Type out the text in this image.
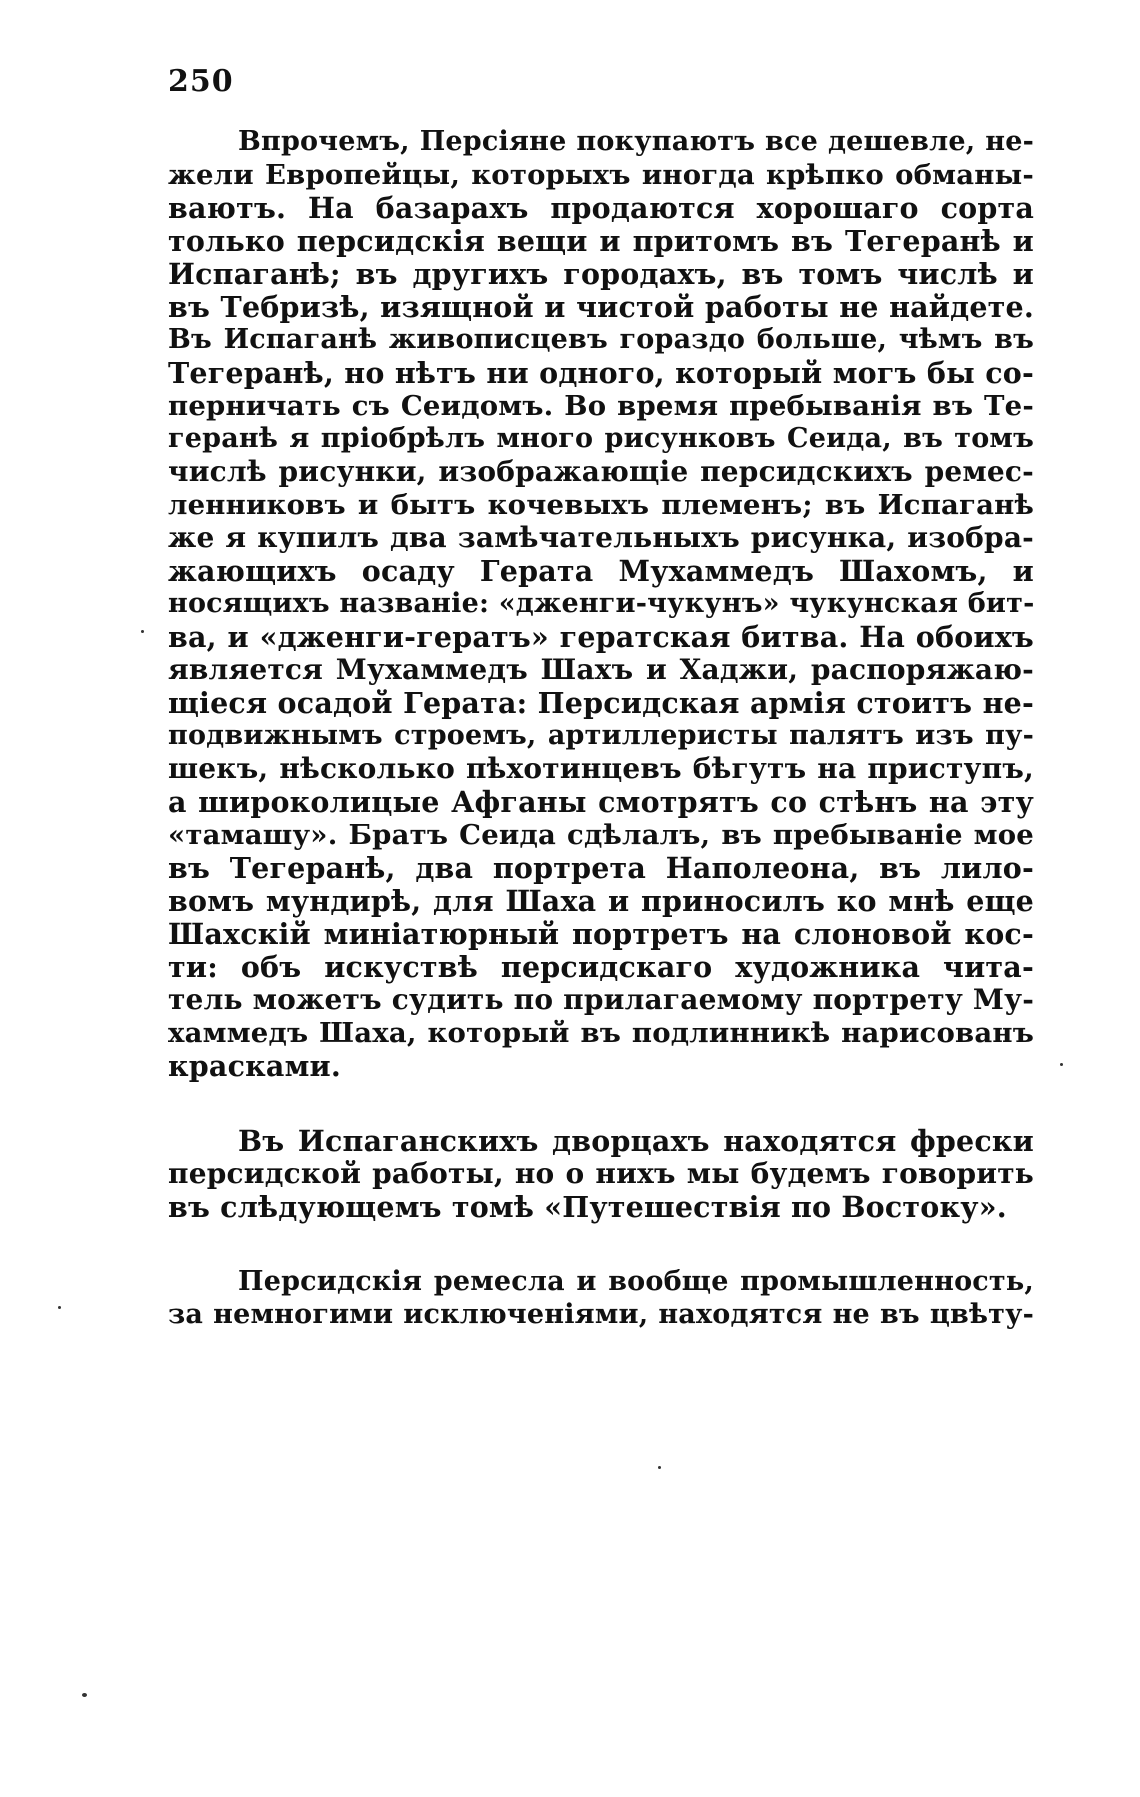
250
Впрочемъ, Персіяне покупаютъ все дешевле, не-
жели Европейцы, которыхъ иногда крѣпко обманы-
ваютъ. На базарахъ продаются хорошаго сорта
только персидскія вещи и притомъ въ Тегеранѣ и
Испаганѣ; въ другихъ городахъ, въ томъ числѣ и
въ Тебризѣ, изящной и чистой работы не найдете.
Въ Испаганѣ живописцевъ гораздо больше, чѣмъ въ
Тегеранѣ, но нѣтъ ни одного, который могъ бы со-
перничать съ Сеидомъ. Во время пребыванія въ Те-
геранѣ я пріобрѣлъ много рисунковъ Сеида, въ томъ
числѣ рисунки, изображающіе персидскихъ ремес-
ленниковъ и бытъ кочевыхъ племенъ; въ Испаганѣ
же я купилъ два замѣчательныхъ рисунка, изобра-
жающихъ осаду Герата Мухаммедъ Шахомъ, и
носящихъ названіе: «дженги-чукунъ» чукунская бит-
ва, и «дженги-гератъ» гератская битва. На обоихъ
является Мухаммедъ Шахъ и Хаджи, распоряжаю-
щіеся осадой Герата: Персидская армія стоитъ не-
подвижнымъ строемъ, артиллеристы палятъ изъ пу-
шекъ, нѣсколько пѣхотинцевъ бѣгутъ на приступъ,
а широколицые Афганы смотрятъ со стѣнъ на эту
«тамашу». Братъ Сеида сдѣлалъ, въ пребываніе мое
въ Тегеранѣ, два портрета Наполеона, въ лило-
вомъ мундирѣ, для Шаха и приносилъ ко мнѣ еще
Шахскій миніатюрный портретъ на слоновой кос-
ти: объ искуствѣ персидскаго художника чита-
тель можетъ судить по прилагаемому портрету Му-
хаммедъ Шаха, который въ подлинникѣ нарисованъ
красками.
Въ Испаганскихъ дворцахъ находятся фрески
персидской работы, но о нихъ мы будемъ говорить
въ слѣдующемъ томѣ «Путешествія по Востоку».
Персидскія ремесла и вообще промышленность,
за немногими исключеніями, находятся не въ цвѣту-
